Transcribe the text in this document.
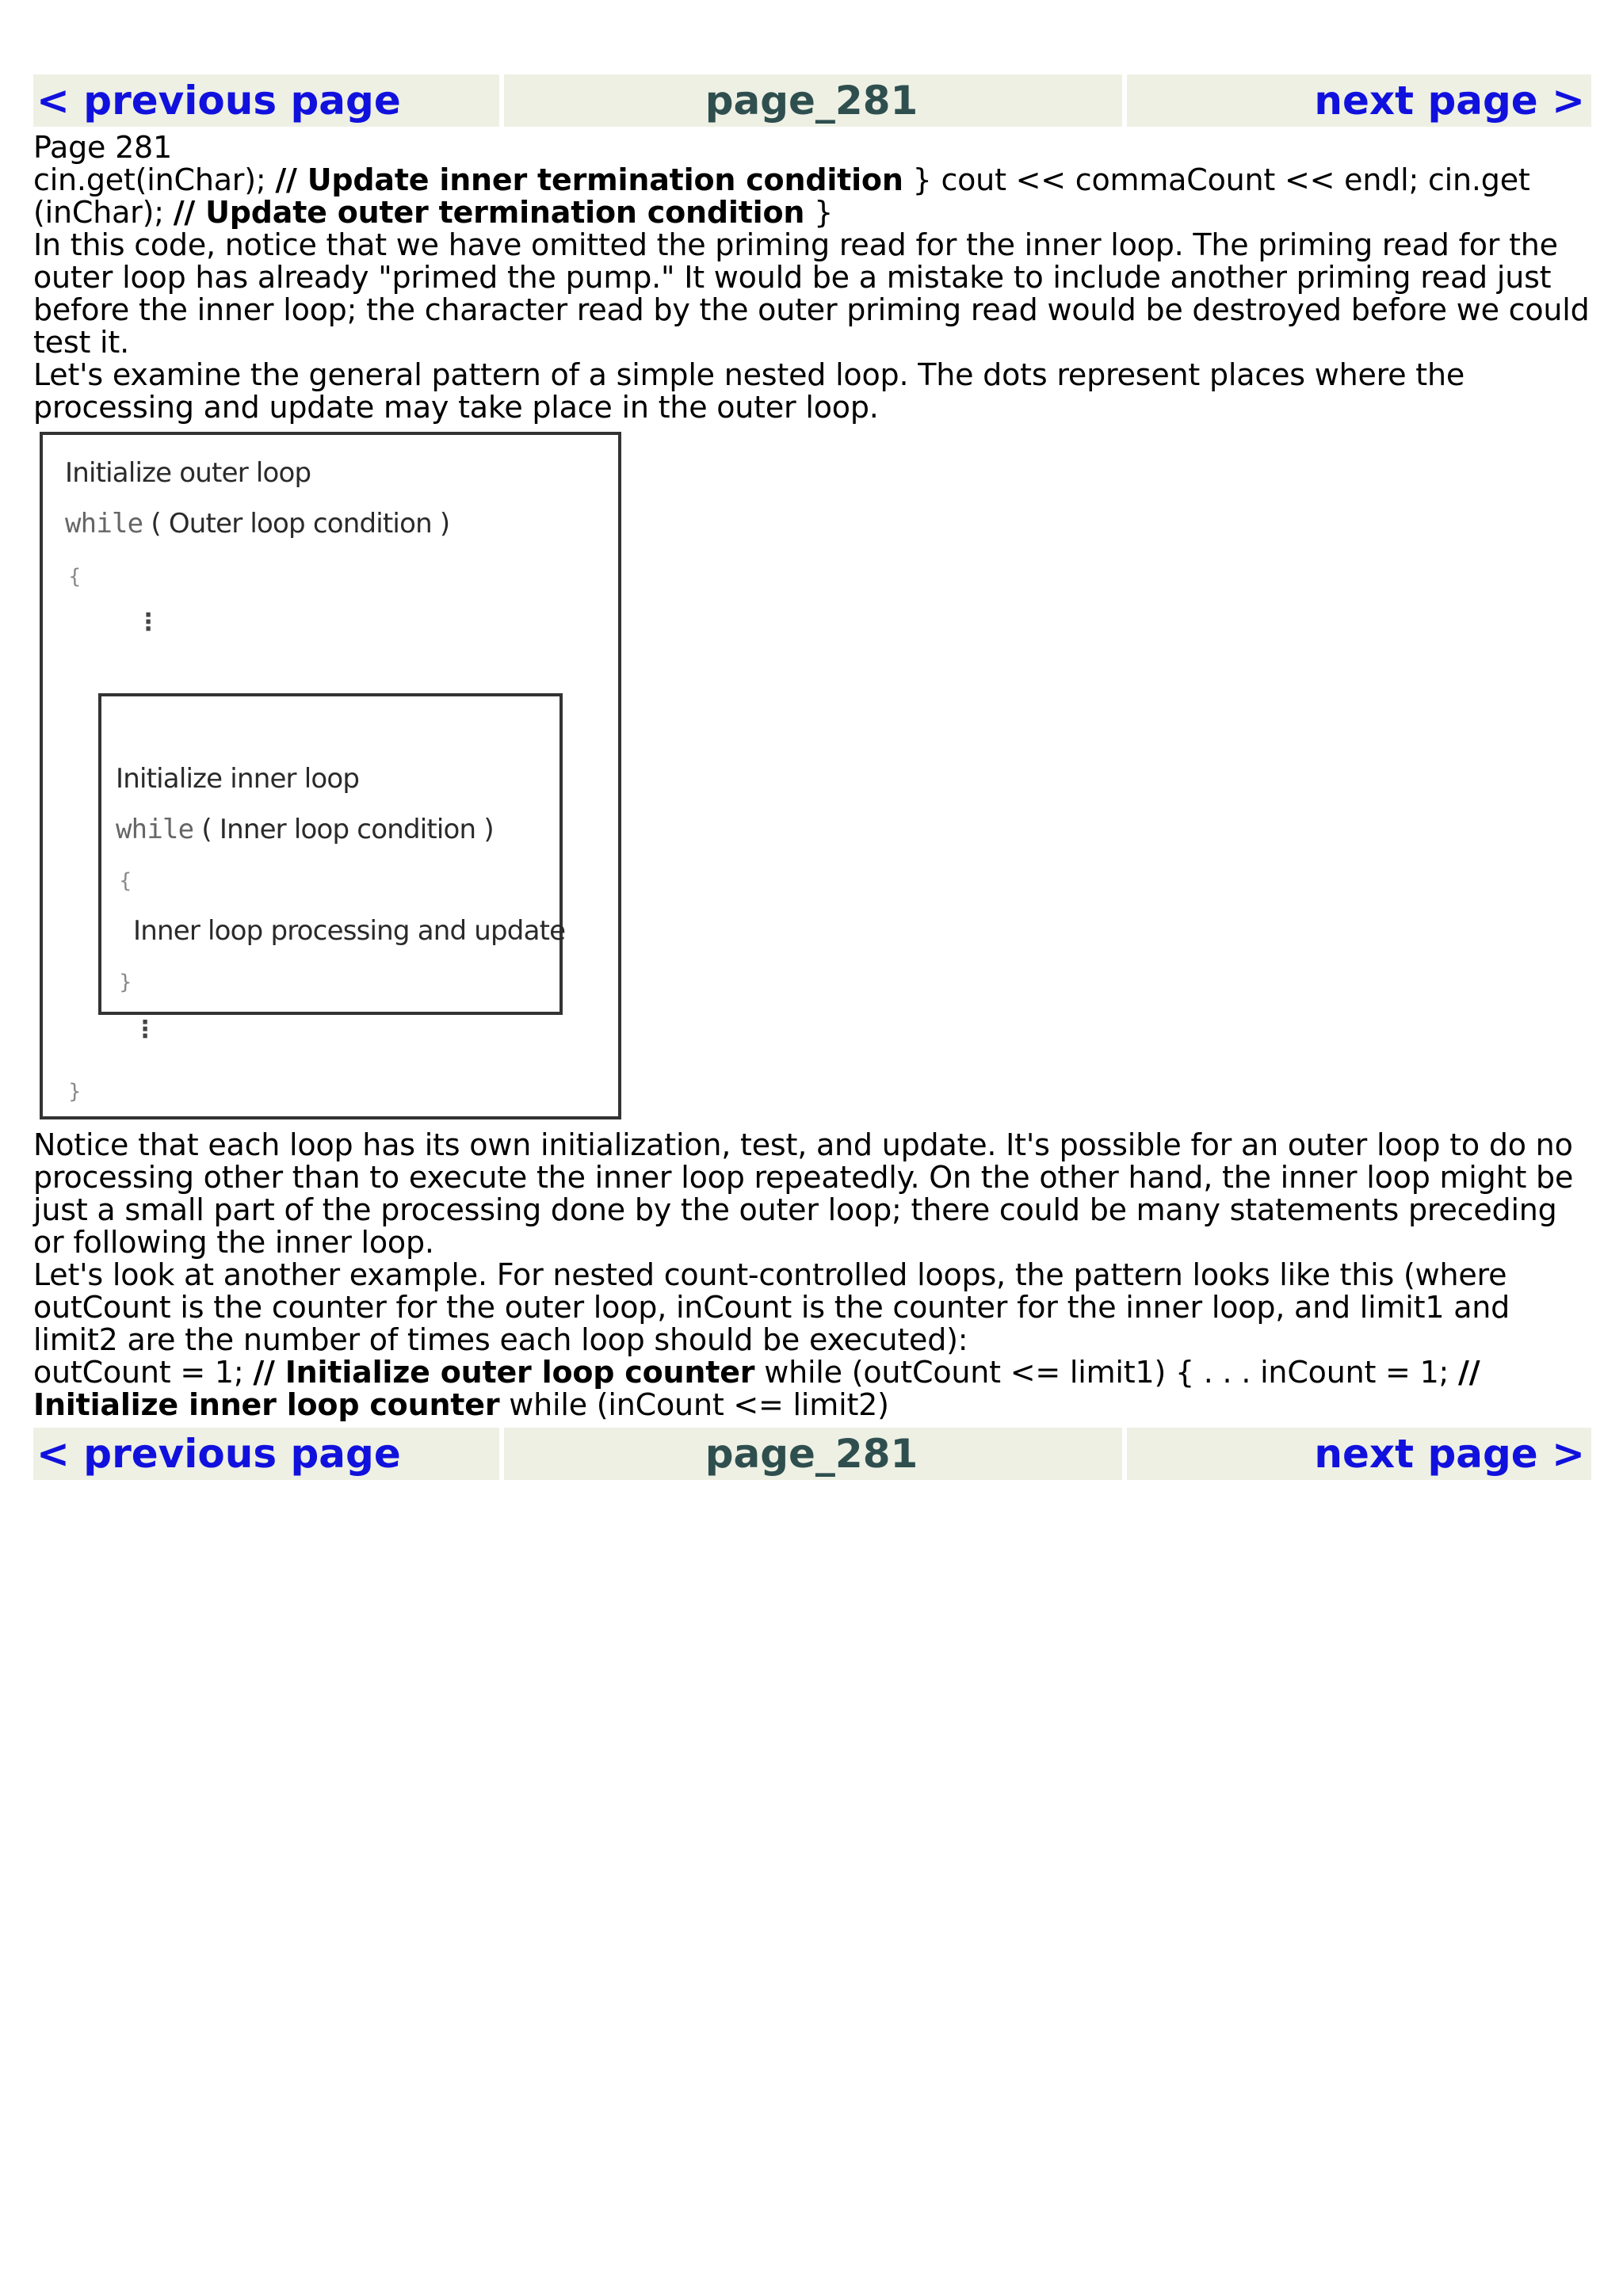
< previous page	page_281	next page >

Page 281

cin.get(inChar); // Update inner termination condition } cout << commaCount << endl; cin.get
(inChar); // Update outer termination condition }

In this code, notice that we have omitted the priming read for the inner loop. The priming read for the outer loop has already "primed the pump." It would be a mistake to include another priming read just before the inner loop; the character read by the outer priming read would be destroyed before we could test it.

Let's examine the general pattern of a simple nested loop. The dots represent places where the processing and update may take place in the outer loop.

Initialize outer loop
while ( Outer loop condition )
{
⋮
Initialize inner loop
while ( Inner loop condition )
{
Inner loop processing and update
}
⋮
}

Notice that each loop has its own initialization, test, and update. It's possible for an outer loop to do no processing other than to execute the inner loop repeatedly. On the other hand, the inner loop might be just a small part of the processing done by the outer loop; there could be many statements preceding or following the inner loop.

Let's look at another example. For nested count-controlled loops, the pattern looks like this (where outCount is the counter for the outer loop, inCount is the counter for the inner loop, and limit1 and limit2 are the number of times each loop should be executed):

outCount = 1; // Initialize outer loop counter while (outCount <= limit1) { . . . inCount = 1; // Initialize inner loop counter while (inCount <= limit2)

< previous page	page_281	next page >
